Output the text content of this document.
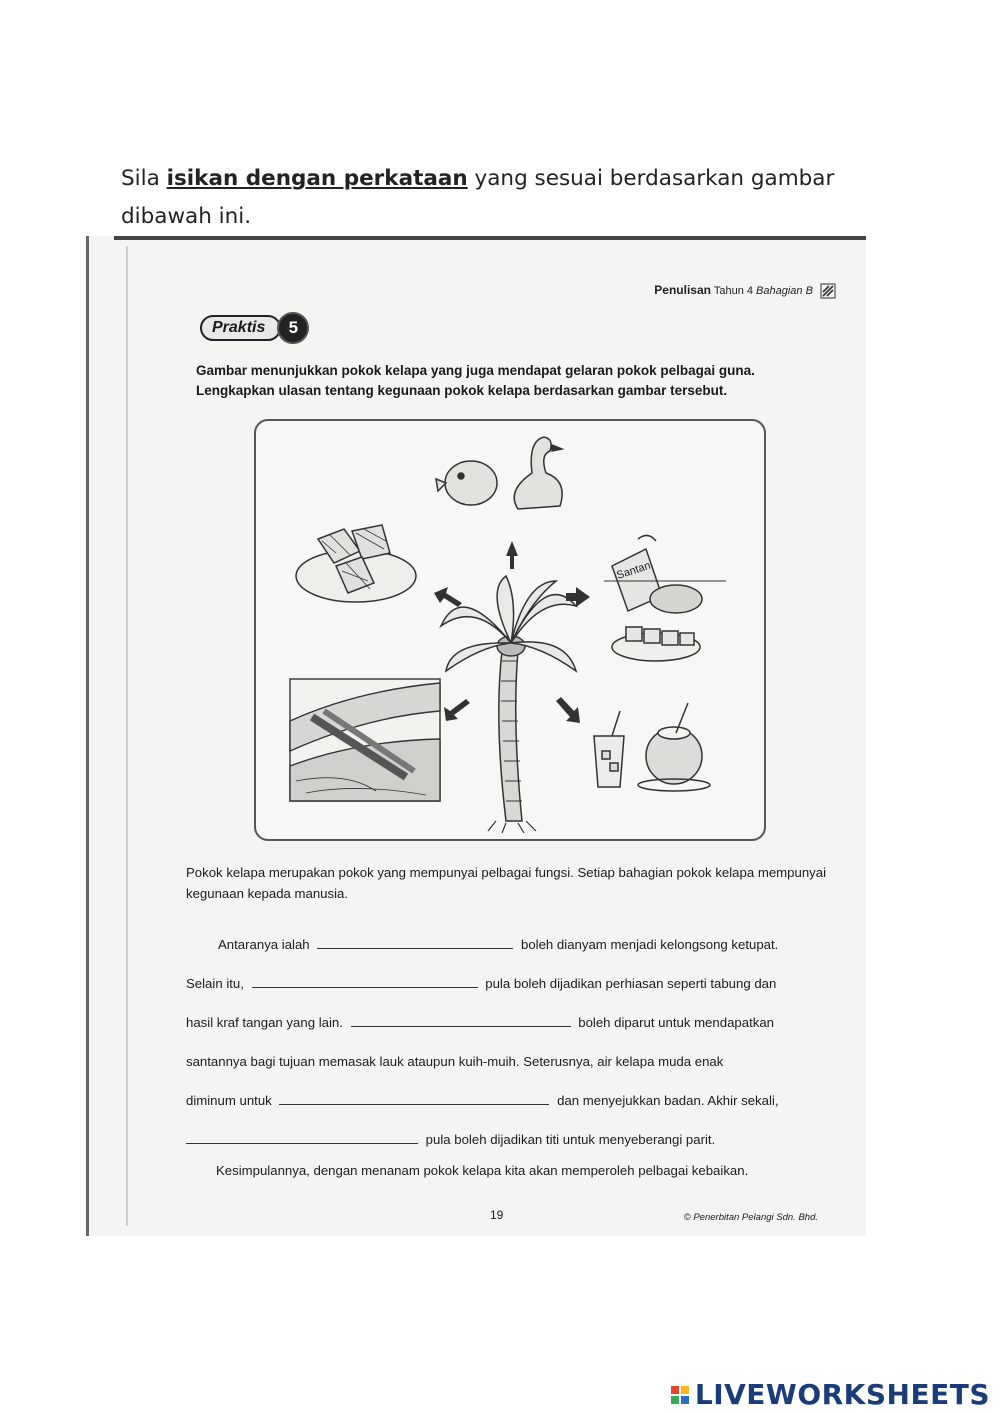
Sila isikan dengan perkataan yang sesuai berdasarkan gambar dibawah ini.
Penulisan Tahun 4 Bahagian B
Praktis	5
Gambar menunjukkan pokok kelapa yang juga mendapat gelaran pokok pelbagai guna.
Lengkapkan ulasan tentang kegunaan pokok kelapa berdasarkan gambar tersebut.
Santan
Pokok kelapa merupakan pokok yang mempunyai pelbagai fungsi. Setiap bahagian pokok kelapa mempunyai kegunaan kepada manusia.
Antaranya ialah	boleh dianyam menjadi kelongsong ketupat.
Selain itu,	pula boleh dijadikan perhiasan seperti tabung dan
hasil kraf tangan yang lain.	boleh diparut untuk mendapatkan
santannya bagi tujuan memasak lauk ataupun kuih-muih. Seterusnya, air kelapa muda enak
diminum untuk	dan menyejukkan badan. Akhir sekali,
pula boleh dijadikan titi untuk menyeberangi parit.
Kesimpulannya, dengan menanam pokok kelapa kita akan memperoleh pelbagai kebaikan.
19	© Penerbitan Pelangi Sdn. Bhd.
LIVEWORKSHEETS
